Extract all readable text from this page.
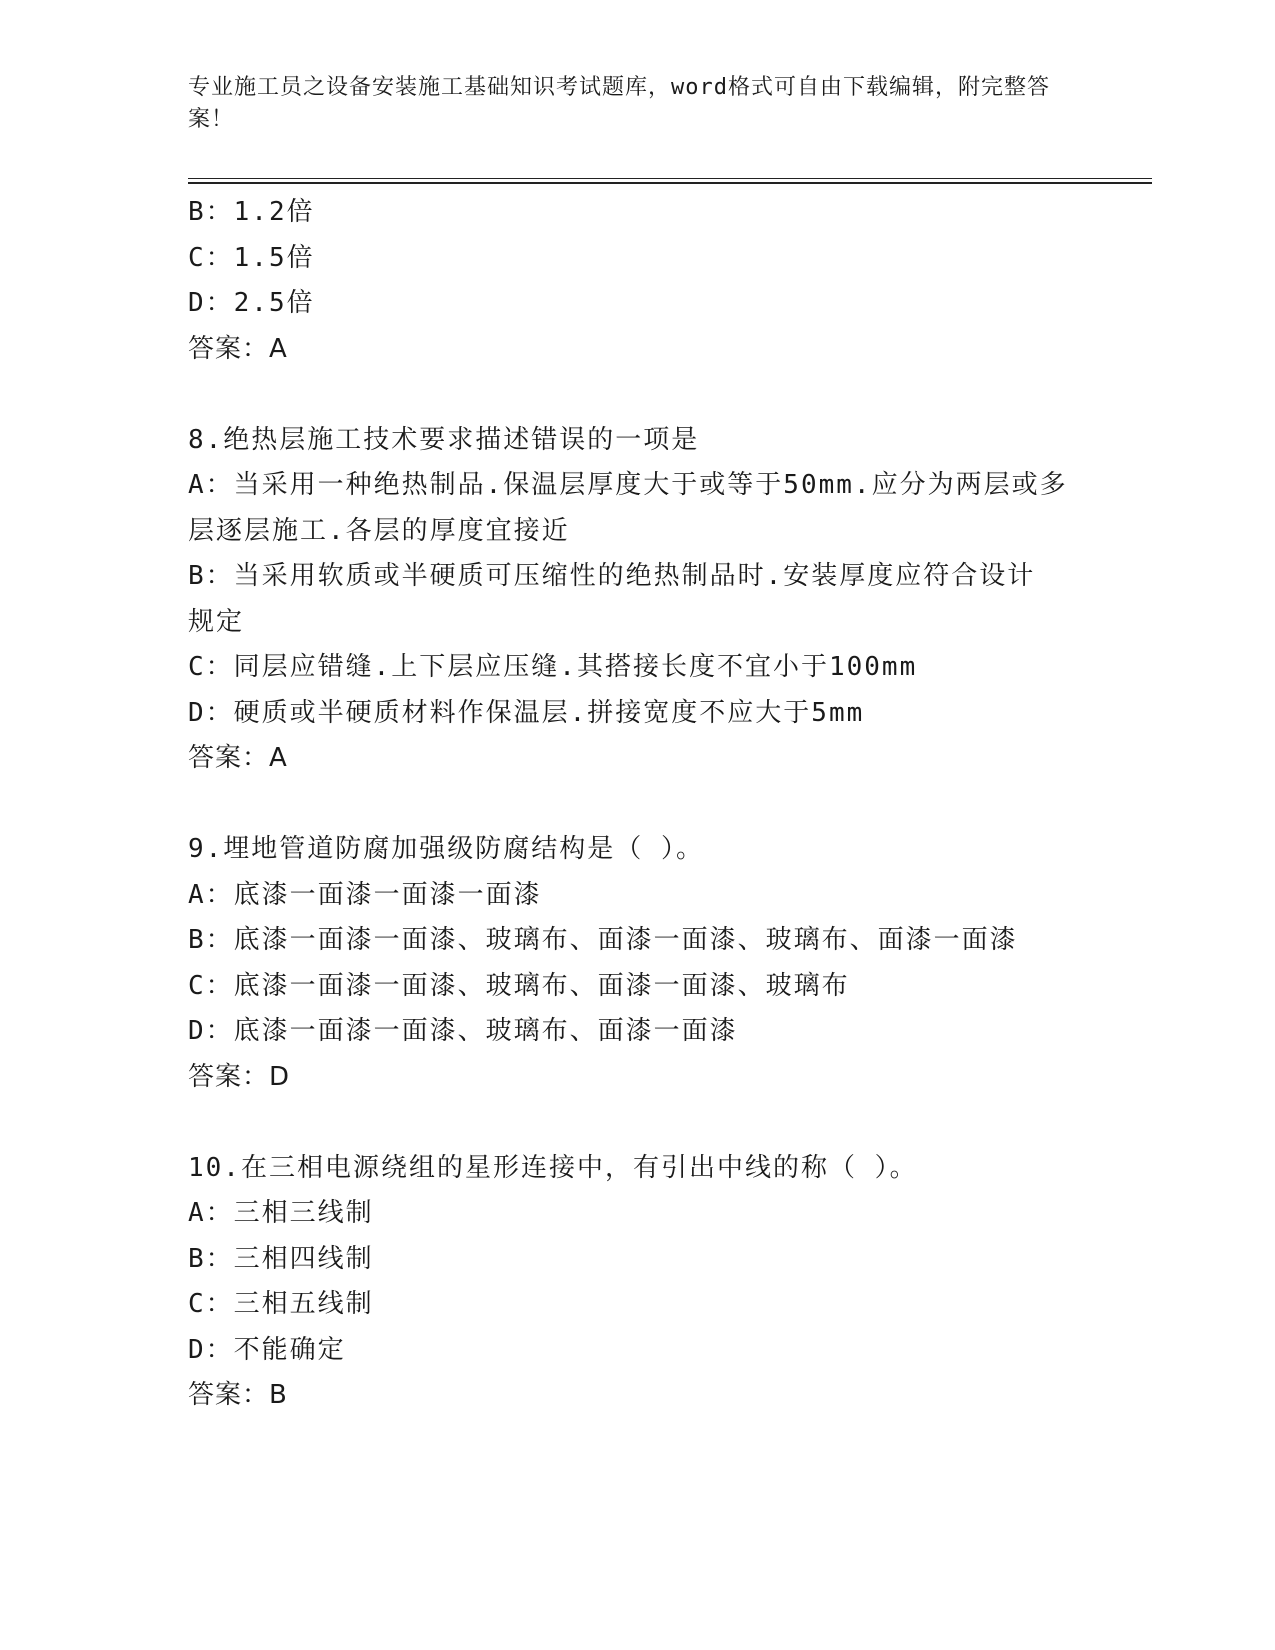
专业施工员之设备安装施工基础知识考试题库，word格式可自由下载编辑，附完整答案！
B：1.2倍
C：1.5倍
D：2.5倍
答案：A
8.绝热层施工技术要求描述错误的一项是
A：当采用一种绝热制品.保温层厚度大于或等于50mm.应分为两层或多
层逐层施工.各层的厚度宜接近
B：当采用软质或半硬质可压缩性的绝热制品时.安装厚度应符合设计
规定
C：同层应错缝.上下层应压缝.其搭接长度不宜小于100mm
D：硬质或半硬质材料作保温层.拼接宽度不应大于5mm
答案：A
9.埋地管道防腐加强级防腐结构是（ ）。
A：底漆一面漆一面漆一面漆
B：底漆一面漆一面漆、玻璃布、面漆一面漆、玻璃布、面漆一面漆
C：底漆一面漆一面漆、玻璃布、面漆一面漆、玻璃布
D：底漆一面漆一面漆、玻璃布、面漆一面漆
答案：D
10.在三相电源绕组的星形连接中，有引出中线的称（ ）。
A：三相三线制
B：三相四线制
C：三相五线制
D：不能确定
答案：B
